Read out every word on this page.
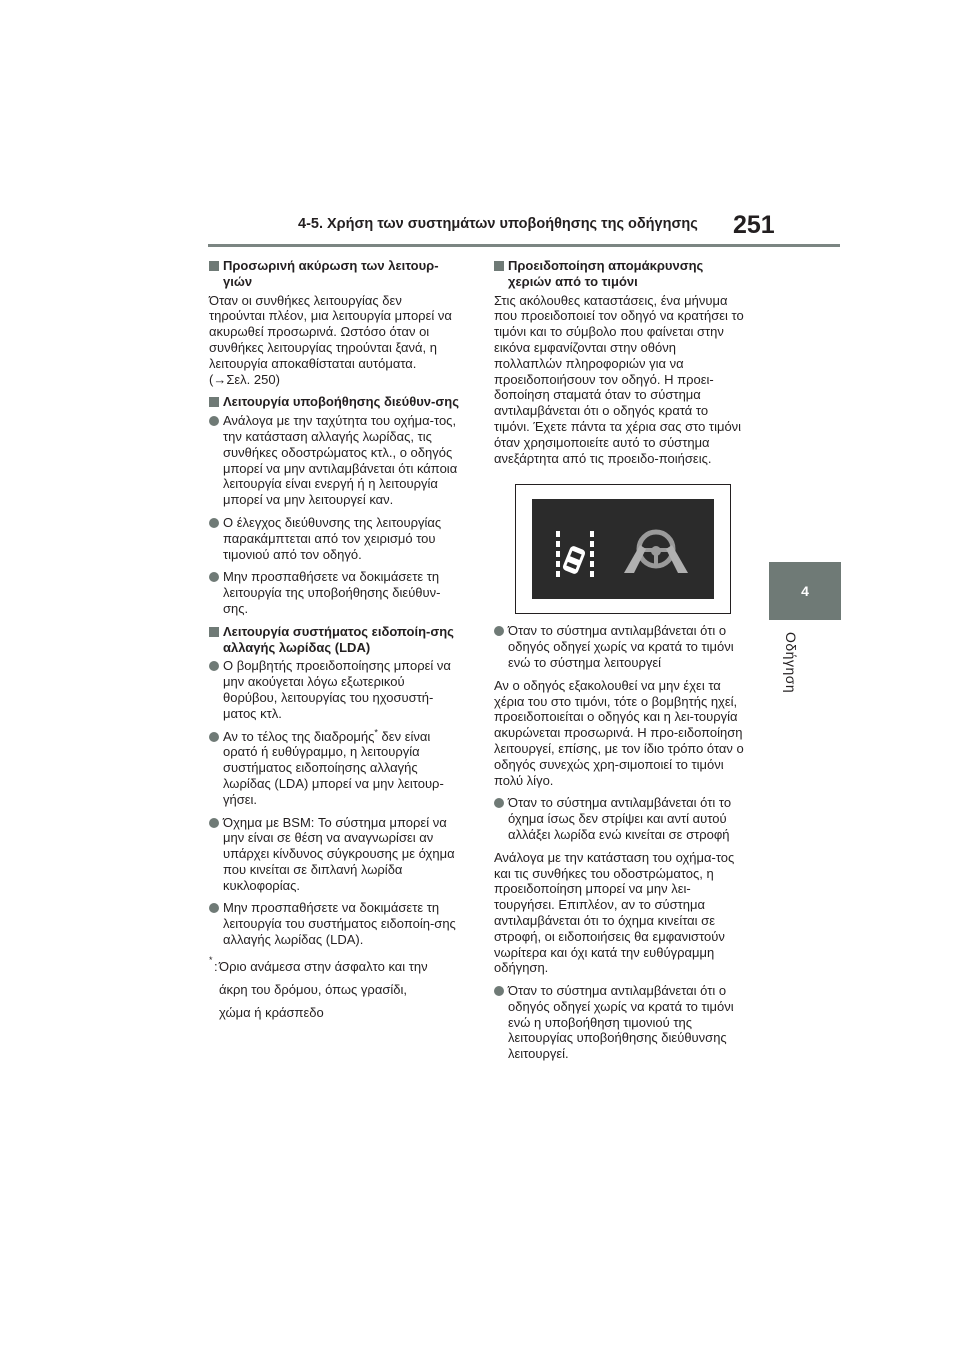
4-5. Χρήση των συστημάτων υποβοήθησης της οδήγησης 251
4
Οδήγηση
Προσωρινή ακύρωση των λειτουρ-γιών
Όταν οι συνθήκες λειτουργίας δεν τηρούνται πλέον, μια λειτουργία μπορεί να ακυρωθεί προσωρινά. Ωστόσο όταν οι συνθήκες λειτουργίας τηρούνται ξανά, η λειτουργία αποκαθίσταται αυτόματα. (→Σελ. 250)
Λειτουργία υποβοήθησης διεύθυν-σης
Ανάλογα με την ταχύτητα του οχήμα-τος, την κατάσταση αλλαγής λωρίδας, τις συνθήκες οδοστρώματος κτλ., ο οδηγός μπορεί να μην αντιλαμβάνεται ότι κάποια λειτουργία είναι ενεργή ή η λειτουργία μπορεί να μην λειτουργεί καν.
Ο έλεγχος διεύθυνσης της λειτουργίας παρακάμπτεται από τον χειρισμό του τιμονιού από τον οδηγό.
Μην προσπαθήσετε να δοκιμάσετε τη λειτουργία της υποβοήθησης διεύθυν-σης.
Λειτουργία συστήματος ειδοποίη-σης αλλαγής λωρίδας (LDA)
Ο βομβητής προειδοποίησης μπορεί να μην ακούγεται λόγω εξωτερικού θορύβου, λειτουργίας του ηχοσυστή-ματος κτλ.
Αν το τέλος της διαδρομής* δεν είναι ορατό ή ευθύγραμμο, η λειτουργία συστήματος ειδοποίησης αλλαγής λωρίδας (LDA) μπορεί να μην λειτουρ-γήσει.
Όχημα με BSM: Το σύστημα μπορεί να μην είναι σε θέση να αναγνωρίσει αν υπάρχει κίνδυνος σύγκρουσης με όχημα που κινείται σε διπλανή λωρίδα κυκλοφορίας.
Μην προσπαθήσετε να δοκιμάσετε τη λειτουργία του συστήματος ειδοποίη-σης αλλαγής λωρίδας (LDA).
* : Όριο ανάμεσα στην άσφαλτο και την
άκρη του δρόμου, όπως γρασίδι,
χώμα ή κράσπεδο
Προειδοποίηση απομάκρυνσης χεριών από το τιμόνι
Στις ακόλουθες καταστάσεις, ένα μήνυμα που προειδοποιεί τον οδηγό να κρατήσει το τιμόνι και το σύμβολο που φαίνεται στην εικόνα εμφανίζονται στην οθόνη πολλαπλών πληροφοριών για να προειδοποιήσουν τον οδηγό. Η προει-δοποίηση σταματά όταν το σύστημα αντιλαμβάνεται ότι ο οδηγός κρατά το τιμόνι. Έχετε πάντα τα χέρια σας στο τιμόνι όταν χρησιμοποιείτε αυτό το σύστημα ανεξάρτητα από τις προειδο-ποιήσεις.
Όταν το σύστημα αντιλαμβάνεται ότι ο οδηγός οδηγεί χωρίς να κρατά το τιμόνι ενώ το σύστημα λειτουργεί
Αν ο οδηγός εξακολουθεί να μην έχει τα χέρια του στο τιμόνι, τότε ο βομβητής ηχεί, προειδοποιείται ο οδηγός και η λει-τουργία ακυρώνεται προσωρινά. Η προ-ειδοποίηση λειτουργεί, επίσης, με τον ίδιο τρόπο όταν ο οδηγός συνεχώς χρη-σιμοποιεί το τιμόνι πολύ λίγο.
Όταν το σύστημα αντιλαμβάνεται ότι το όχημα ίσως δεν στρίψει και αντί αυτού αλλάξει λωρίδα ενώ κινείται σε στροφή
Ανάλογα με την κατάσταση του οχήμα-τος και τις συνθήκες του οδοστρώματος, η προειδοποίηση μπορεί να μην λει-τουργήσει. Επιπλέον, αν το σύστημα αντιλαμβάνεται ότι το όχημα κινείται σε στροφή, οι ειδοποιήσεις θα εμφανιστούν νωρίτερα και όχι κατά την ευθύγραμμη οδήγηση.
Όταν το σύστημα αντιλαμβάνεται ότι ο οδηγός οδηγεί χωρίς να κρατά το τιμόνι ενώ η υποβοήθηση τιμονιού της λειτουργίας υποβοήθησης διεύθυνσης λειτουργεί.
